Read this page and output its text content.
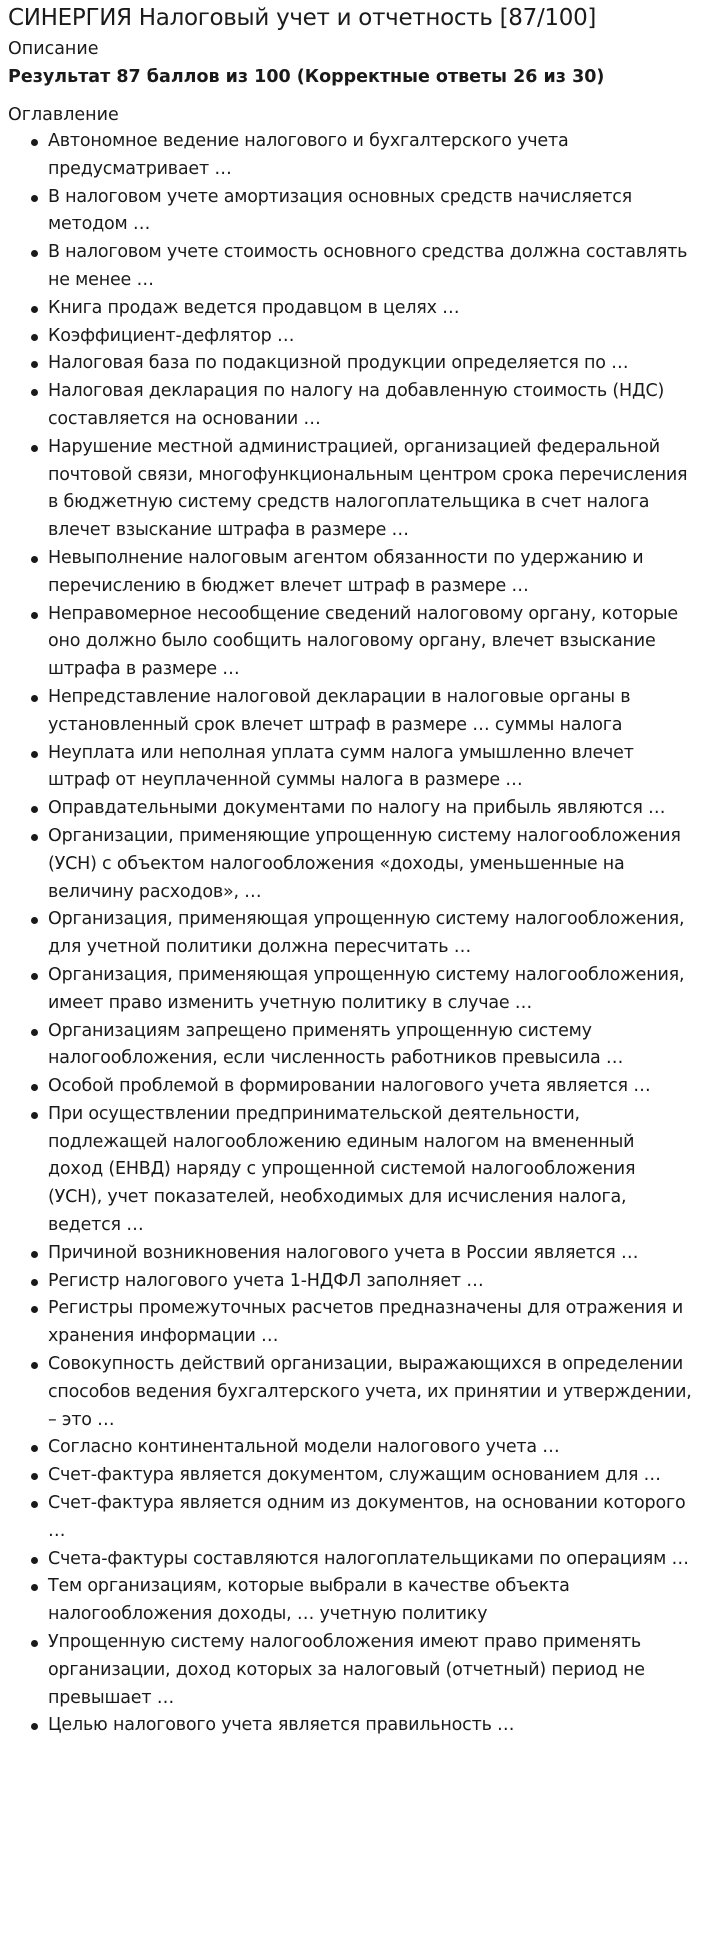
СИНЕРГИЯ Налоговый учет и отчетность [87/100]
Описание
Результат 87 баллов из 100 (Корректные ответы 26 из 30)
Оглавление
Автономное ведение налогового и бухгалтерского учета предусматривает …
В налоговом учете амортизация основных средств начисляется методом …
В налоговом учете стоимость основного средства должна составлять не менее …
Книга продаж ведется продавцом в целях …
Коэффициент-дефлятор …
Налоговая база по подакцизной продукции определяется по …
Налоговая декларация по налогу на добавленную стоимость (НДС) составляется на основании …
Нарушение местной администрацией, организацией федеральной почтовой связи, многофункциональным центром срока перечисления в бюджетную систему средств налогоплательщика в счет налога влечет взыскание штрафа в размере …
Невыполнение налоговым агентом обязанности по удержанию и перечислению в бюджет влечет штраф в размере …
Неправомерное несообщение сведений налоговому органу, которые оно должно было сообщить налоговому органу, влечет взыскание штрафа в размере …
Непредставление налоговой декларации в налоговые органы в установленный срок влечет штраф в размере … суммы налога
Неуплата или неполная уплата сумм налога умышленно влечет штраф от неуплаченной суммы налога в размере …
Оправдательными документами по налогу на прибыль являются …
Организации, применяющие упрощенную систему налогообложения (УСН) с объектом налогообложения «доходы, уменьшенные на величину расходов», …
Организация, применяющая упрощенную систему налогообложения, для учетной политики должна пересчитать …
Организация, применяющая упрощенную систему налогообложения, имеет право изменить учетную политику в случае …
Организациям запрещено применять упрощенную систему налогообложения, если численность работников превысила …
Особой проблемой в формировании налогового учета является …
При осуществлении предпринимательской деятельности, подлежащей налогообложению единым налогом на вмененный доход (ЕНВД) наряду с упрощенной системой налогообложения (УСН), учет показателей, необходимых для исчисления налога, ведется …
Причиной возникновения налогового учета в России является …
Регистр налогового учета 1-НДФЛ заполняет …
Регистры промежуточных расчетов предназначены для отражения и хранения информации …
Совокупность действий организации, выражающихся в определении способов ведения бухгалтерского учета, их принятии и утверждении, – это …
Согласно континентальной модели налогового учета …
Счет-фактура является документом, служащим основанием для …
Счет-фактура является одним из документов, на основании которого …
Счета-фактуры составляются налогоплательщиками по операциям …
Тем организациям, которые выбрали в качестве объекта налогообложения доходы, … учетную политику
Упрощенную систему налогообложения имеют право применять организации, доход которых за налоговый (отчетный) период не превышает …
Целью налогового учета является правильность …
